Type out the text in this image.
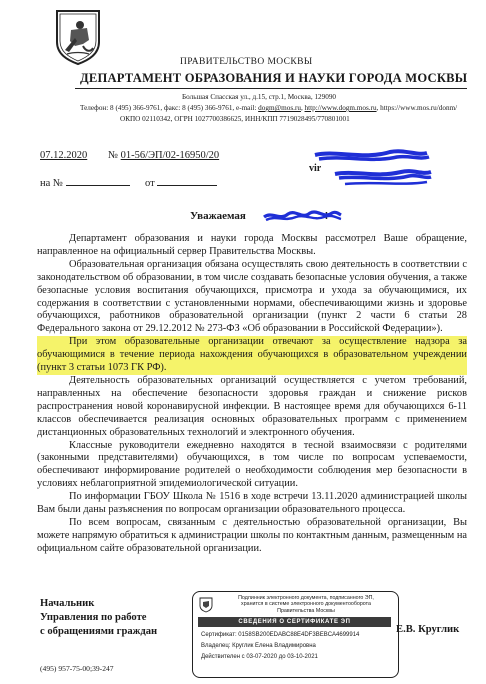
ПРАВИТЕЛЬСТВО МОСКВЫ
ДЕПАРТАМЕНТ ОБРАЗОВАНИЯ И НАУКИ ГОРОДА МОСКВЫ
Большая Спасская ул., д.15, стр.1, Москва, 129090
Телефон: 8 (495) 366-9761, факс: 8 (495) 366-9761, e-mail: dogm@mos.ru, http://www.dogm.mos.ru, https://www.mos.ru/donm/
ОКПО 02110342, ОГРН 1027700386625, ИНН/КПП 7719028495/770801001
07.12.2020 № 01-56/ЭП/02-16950/20
на №	от
vir
Уважаемая	!

Департамент образования и науки города Москвы рассмотрел Ваше обращение, направленное на официальный сервер Правительства Москвы.

Образовательная организация обязана осуществлять свою деятельность в соответствии с законодательством об образовании, в том числе создавать безопасные условия обучения, а также безопасные условия воспитания обучающихся, присмотра и ухода за обучающимися, их содержания в соответствии с установленными нормами, обеспечивающими жизнь и здоровье обучающихся, работников образовательной организации (пункт 2 части 6 статьи 28 Федерального закона от 29.12.2012 № 273-ФЗ «Об образовании в Российской Федерации»).

При этом образовательные организации отвечают за осуществление надзора за обучающимися в течение периода нахождения обучающихся в образовательном учреждении (пункт 3 статьи 1073 ГК РФ).

Деятельность образовательных организаций осуществляется с учетом требований, направленных на обеспечение безопасности здоровья граждан и снижение рисков распространения новой коронавирусной инфекции. В настоящее время для обучающихся 6-11 классов обеспечивается реализация основных образовательных программ с применением дистанционных образовательных технологий и электронного обучения.

Классные руководители ежедневно находятся в тесной взаимосвязи с родителями (законными представителями) обучающихся, в том числе по вопросам успеваемости, обеспечивают информирование родителей о необходимости соблюдения мер безопасности в условиях неблагоприятной эпидемиологической ситуации.

По информации ГБОУ Школа № 1516 в ходе встречи 13.11.2020 администрацией школы Вам были даны разъяснения по вопросам организации образовательного процесса.

По всем вопросам, связанным с деятельностью образовательной организации, Вы можете напрямую обратиться к администрации школы по контактным данным, размещенным на официальном сайте образовательной организации.

Начальник
Управления по работе
с обращениями граждан
Подлинник электронного документа, подписанного ЭП,
хранится в системе электронного документооборота
Правительства Москвы
СВЕДЕНИЯ О СЕРТИФИКАТЕ ЭП
Сертификат: 0158SB200EDABC88E4DF3BEBCA4699914
Владелец: Круглик Елена Владимировна
Действителен с 03-07-2020 до 03-10-2021
Е.В. Круглик
(495) 957-75-00;39-247
